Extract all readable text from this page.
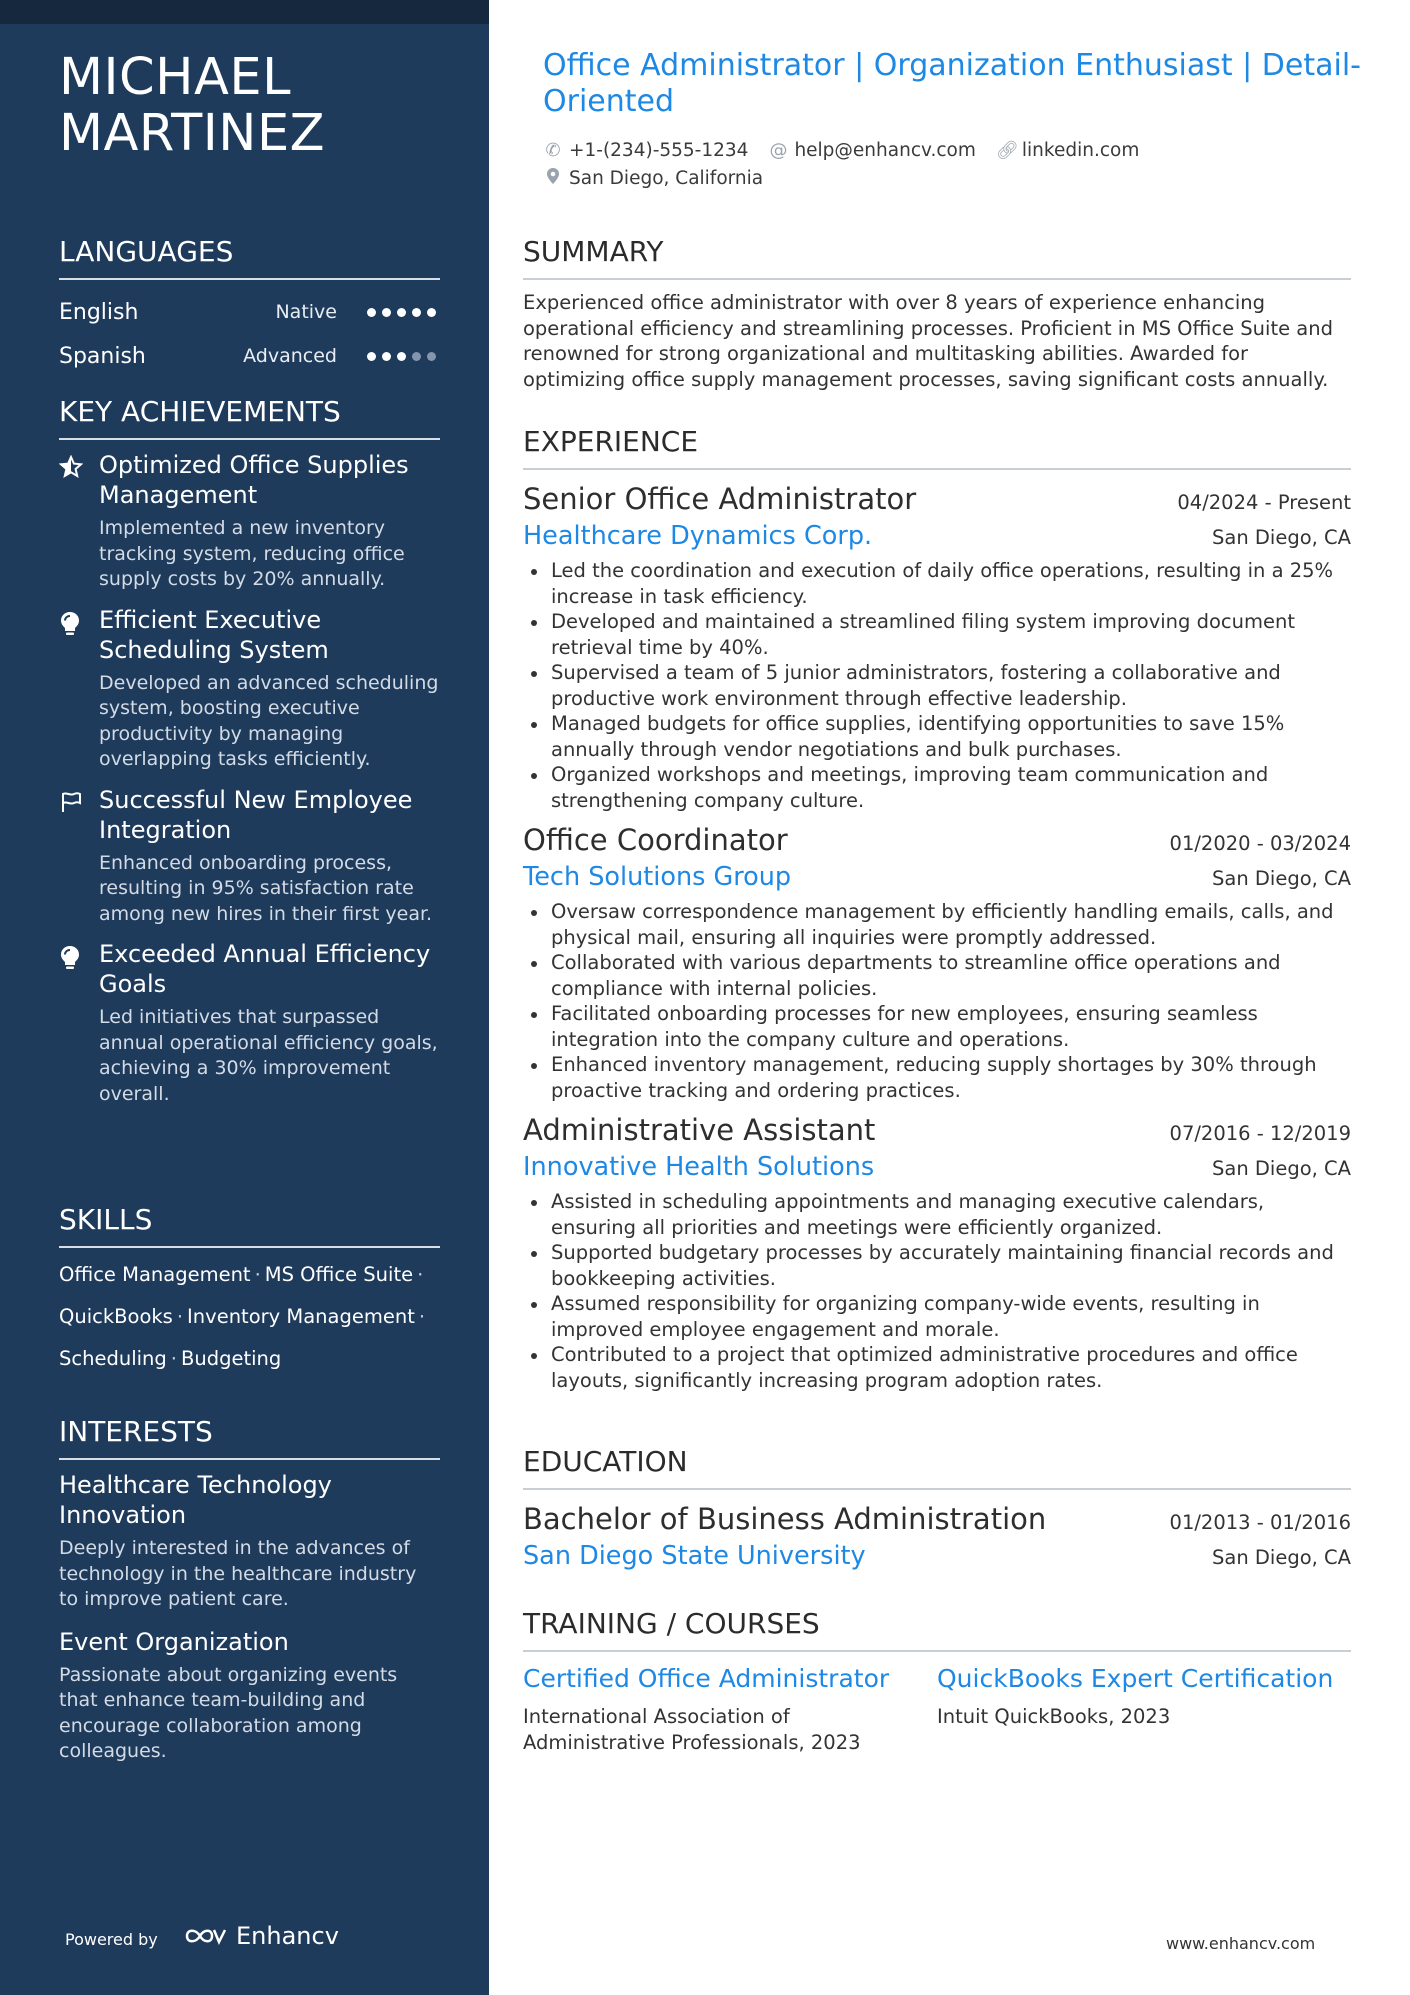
MICHAEL MARTINEZ
LANGUAGES
English	Native
Spanish	Advanced
KEY ACHIEVEMENTS
Optimized Office Supplies Management
Implemented a new inventory tracking system, reducing office supply costs by 20% annually.
Efficient Executive Scheduling System
Developed an advanced scheduling system, boosting executive productivity by managing overlapping tasks efficiently.
Successful New Employee Integration
Enhanced onboarding process, resulting in 95% satisfaction rate among new hires in their first year.
Exceeded Annual Efficiency Goals
Led initiatives that surpassed annual operational efficiency goals, achieving a 30% improvement overall.
SKILLS
Office Management · MS Office Suite ·
QuickBooks · Inventory Management ·
Scheduling · Budgeting
INTERESTS
Healthcare Technology Innovation
Deeply interested in the advances of technology in the healthcare industry to improve patient care.
Event Organization
Passionate about organizing events that enhance team-building and encourage collaboration among colleagues.
Powered by	Enhancv
Office Administrator | Organization Enthusiast | Detail-Oriented
✆ +1-(234)-555-1234 @ help@enhancv.com 🔗︎ linkedin.com
San Diego, California
SUMMARY
Experienced office administrator with over 8 years of experience enhancing operational efficiency and streamlining processes. Proficient in MS Office Suite and renowned for strong organizational and multitasking abilities. Awarded for optimizing office supply management processes, saving significant costs annually.
EXPERIENCE
Senior Office Administrator	04/2024 - Present
Healthcare Dynamics Corp.	San Diego, CA
Led the coordination and execution of daily office operations, resulting in a 25% increase in task efficiency.
Developed and maintained a streamlined filing system improving document retrieval time by 40%.
Supervised a team of 5 junior administrators, fostering a collaborative and productive work environment through effective leadership.
Managed budgets for office supplies, identifying opportunities to save 15% annually through vendor negotiations and bulk purchases.
Organized workshops and meetings, improving team communication and strengthening company culture.
Office Coordinator	01/2020 - 03/2024
Tech Solutions Group	San Diego, CA
Oversaw correspondence management by efficiently handling emails, calls, and physical mail, ensuring all inquiries were promptly addressed.
Collaborated with various departments to streamline office operations and compliance with internal policies.
Facilitated onboarding processes for new employees, ensuring seamless integration into the company culture and operations.
Enhanced inventory management, reducing supply shortages by 30% through proactive tracking and ordering practices.
Administrative Assistant	07/2016 - 12/2019
Innovative Health Solutions	San Diego, CA
Assisted in scheduling appointments and managing executive calendars, ensuring all priorities and meetings were efficiently organized.
Supported budgetary processes by accurately maintaining financial records and bookkeeping activities.
Assumed responsibility for organizing company-wide events, resulting in improved employee engagement and morale.
Contributed to a project that optimized administrative procedures and office layouts, significantly increasing program adoption rates.
EDUCATION
Bachelor of Business Administration	01/2013 - 01/2016
San Diego State University	San Diego, CA
TRAINING / COURSES
Certified Office Administrator
International Association of Administrative Professionals, 2023
QuickBooks Expert Certification
Intuit QuickBooks, 2023
www.enhancv.com
